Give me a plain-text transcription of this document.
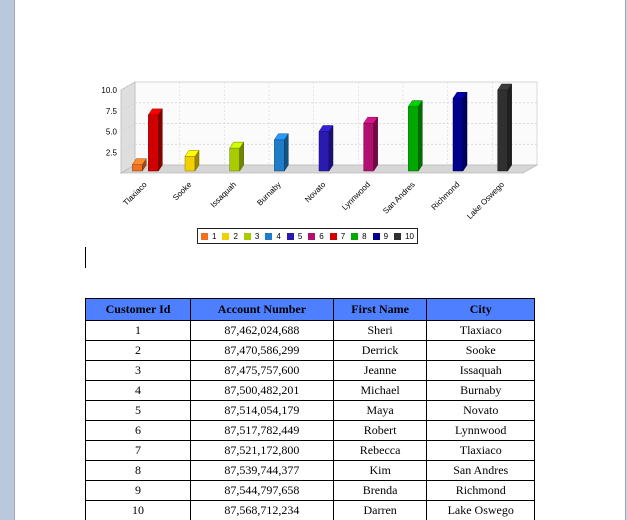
2.5
5.0
7.5
10.0
Tlaxiaco	Sooke Issaquah Burnaby	Novato Lynnwood San Andres Richmond Lake Oswego
1 2 3 4 5 6 7 8 9 10
Customer Id	Account Number	First Name	City
1	87,462,024,688	Sheri	Tlaxiaco
2	87,470,586,299	Derrick	Sooke
3	87,475,757,600	Jeanne	Issaquah
4	87,500,482,201	Michael	Burnaby
5	87,514,054,179	Maya	Novato
6	87,517,782,449	Robert	Lynnwood
7	87,521,172,800	Rebecca	Tlaxiaco
8	87,539,744,377	Kim	San Andres
9	87,544,797,658	Brenda	Richmond
10	87,568,712,234	Darren	Lake Oswego
